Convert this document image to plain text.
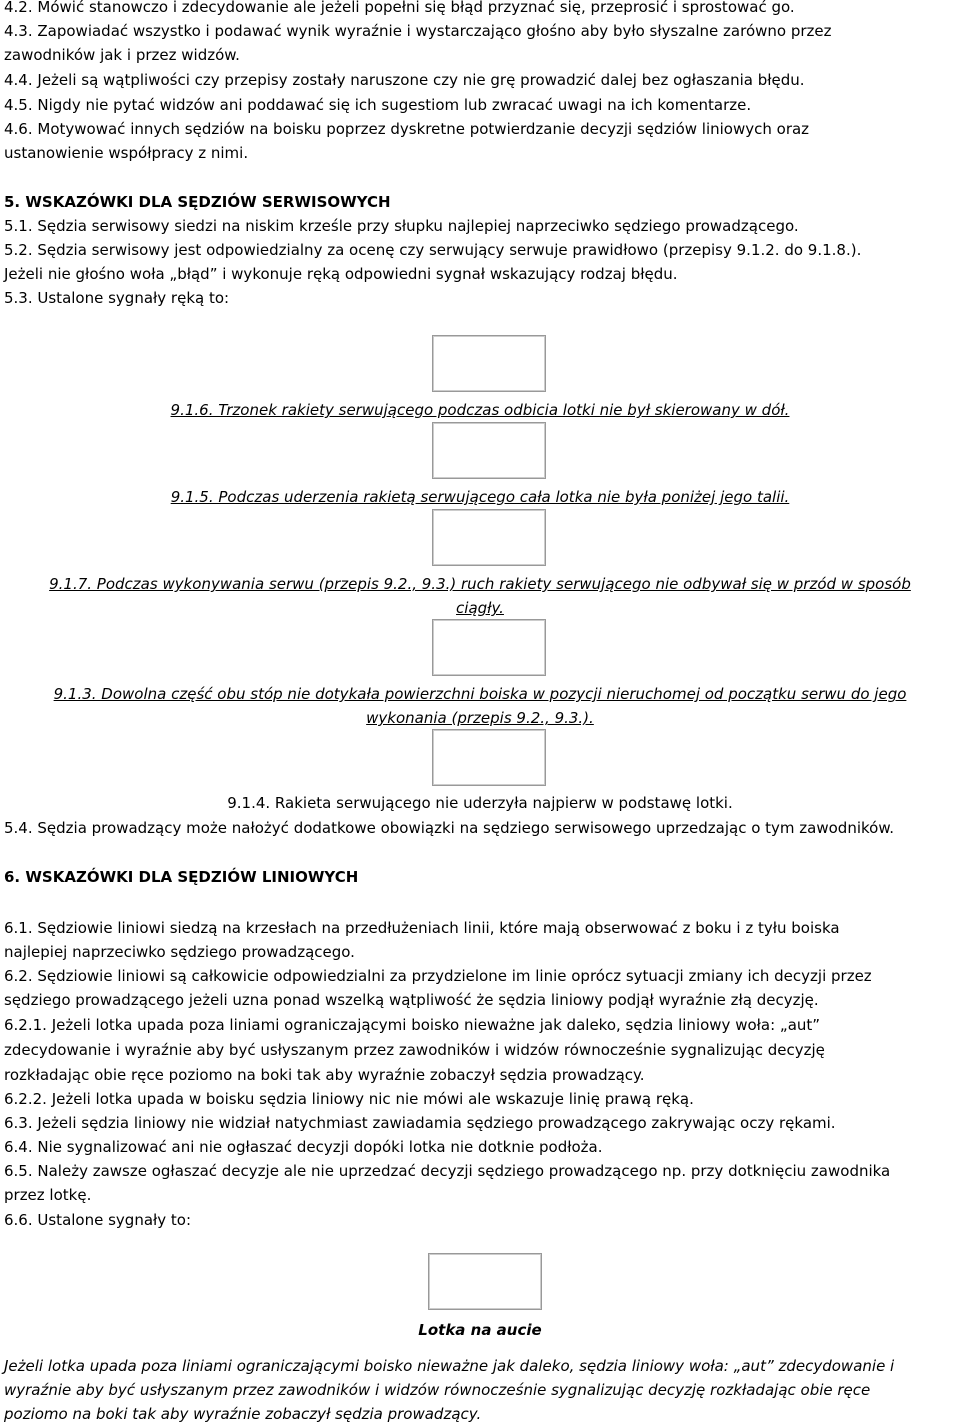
4.2. Mówić stanowczo i zdecydowanie ale jeżeli popełni się błąd przyznać się, przeprosić i sprostować go.
4.3. Zapowiadać wszystko i podawać wynik wyraźnie i wystarczająco głośno aby było słyszalne zarówno przez
zawodników jak i przez widzów.
4.4. Jeżeli są wątpliwości czy przepisy zostały naruszone czy nie grę prowadzić dalej bez ogłaszania błędu.
4.5. Nigdy nie pytać widzów ani poddawać się ich sugestiom lub zwracać uwagi na ich komentarze.
4.6. Motywować innych sędziów na boisku poprzez dyskretne potwierdzanie decyzji sędziów liniowych oraz
ustanowienie współpracy z nimi.
5. WSKAZÓWKI DLA SĘDZIÓW SERWISOWYCH
5.1. Sędzia serwisowy siedzi na niskim krześle przy słupku najlepiej naprzeciwko sędziego prowadzącego.
5.2. Sędzia serwisowy jest odpowiedzialny za ocenę czy serwujący serwuje prawidłowo (przepisy 9.1.2. do 9.1.8.).
Jeżeli nie głośno woła „błąd” i wykonuje ręką odpowiedni sygnał wskazujący rodzaj błędu.
5.3. Ustalone sygnały ręką to:
9.1.6. Trzonek rakiety serwującego podczas odbicia lotki nie był skierowany w dół.
9.1.5. Podczas uderzenia rakietą serwującego cała lotka nie była poniżej jego talii.
9.1.7. Podczas wykonywania serwu (przepis 9.2., 9.3.) ruch rakiety serwującego nie odbywał się w przód w sposób
ciągły.
9.1.3. Dowolna część obu stóp nie dotykała powierzchni boiska w pozycji nieruchomej od początku serwu do jego
wykonania (przepis 9.2., 9.3.).
9.1.4. Rakieta serwującego nie uderzyła najpierw w podstawę lotki.
5.4. Sędzia prowadzący może nałożyć dodatkowe obowiązki na sędziego serwisowego uprzedzając o tym zawodników.
6. WSKAZÓWKI DLA SĘDZIÓW LINIOWYCH
6.1. Sędziowie liniowi siedzą na krzesłach na przedłużeniach linii, które mają obserwować z boku i z tyłu boiska
najlepiej naprzeciwko sędziego prowadzącego.
6.2. Sędziowie liniowi są całkowicie odpowiedzialni za przydzielone im linie oprócz sytuacji zmiany ich decyzji przez
sędziego prowadzącego jeżeli uzna ponad wszelką wątpliwość że sędzia liniowy podjął wyraźnie złą decyzję.
6.2.1. Jeżeli lotka upada poza liniami ograniczającymi boisko nieważne jak daleko, sędzia liniowy woła: „aut”
zdecydowanie i wyraźnie aby być usłyszanym przez zawodników i widzów równocześnie sygnalizując decyzję
rozkładając obie ręce poziomo na boki tak aby wyraźnie zobaczył sędzia prowadzący.
6.2.2. Jeżeli lotka upada w boisku sędzia liniowy nic nie mówi ale wskazuje linię prawą ręką.
6.3. Jeżeli sędzia liniowy nie widział natychmiast zawiadamia sędziego prowadzącego zakrywając oczy rękami.
6.4. Nie sygnalizować ani nie ogłaszać decyzji dopóki lotka nie dotknie podłoża.
6.5. Należy zawsze ogłaszać decyzje ale nie uprzedzać decyzji sędziego prowadzącego np. przy dotknięciu zawodnika
przez lotkę.
6.6. Ustalone sygnały to:
Lotka na aucie
Jeżeli lotka upada poza liniami ograniczającymi boisko nieważne jak daleko, sędzia liniowy woła: „aut” zdecydowanie i
wyraźnie aby być usłyszanym przez zawodników i widzów równocześnie sygnalizując decyzję rozkładając obie ręce
poziomo na boki tak aby wyraźnie zobaczył sędzia prowadzący.
